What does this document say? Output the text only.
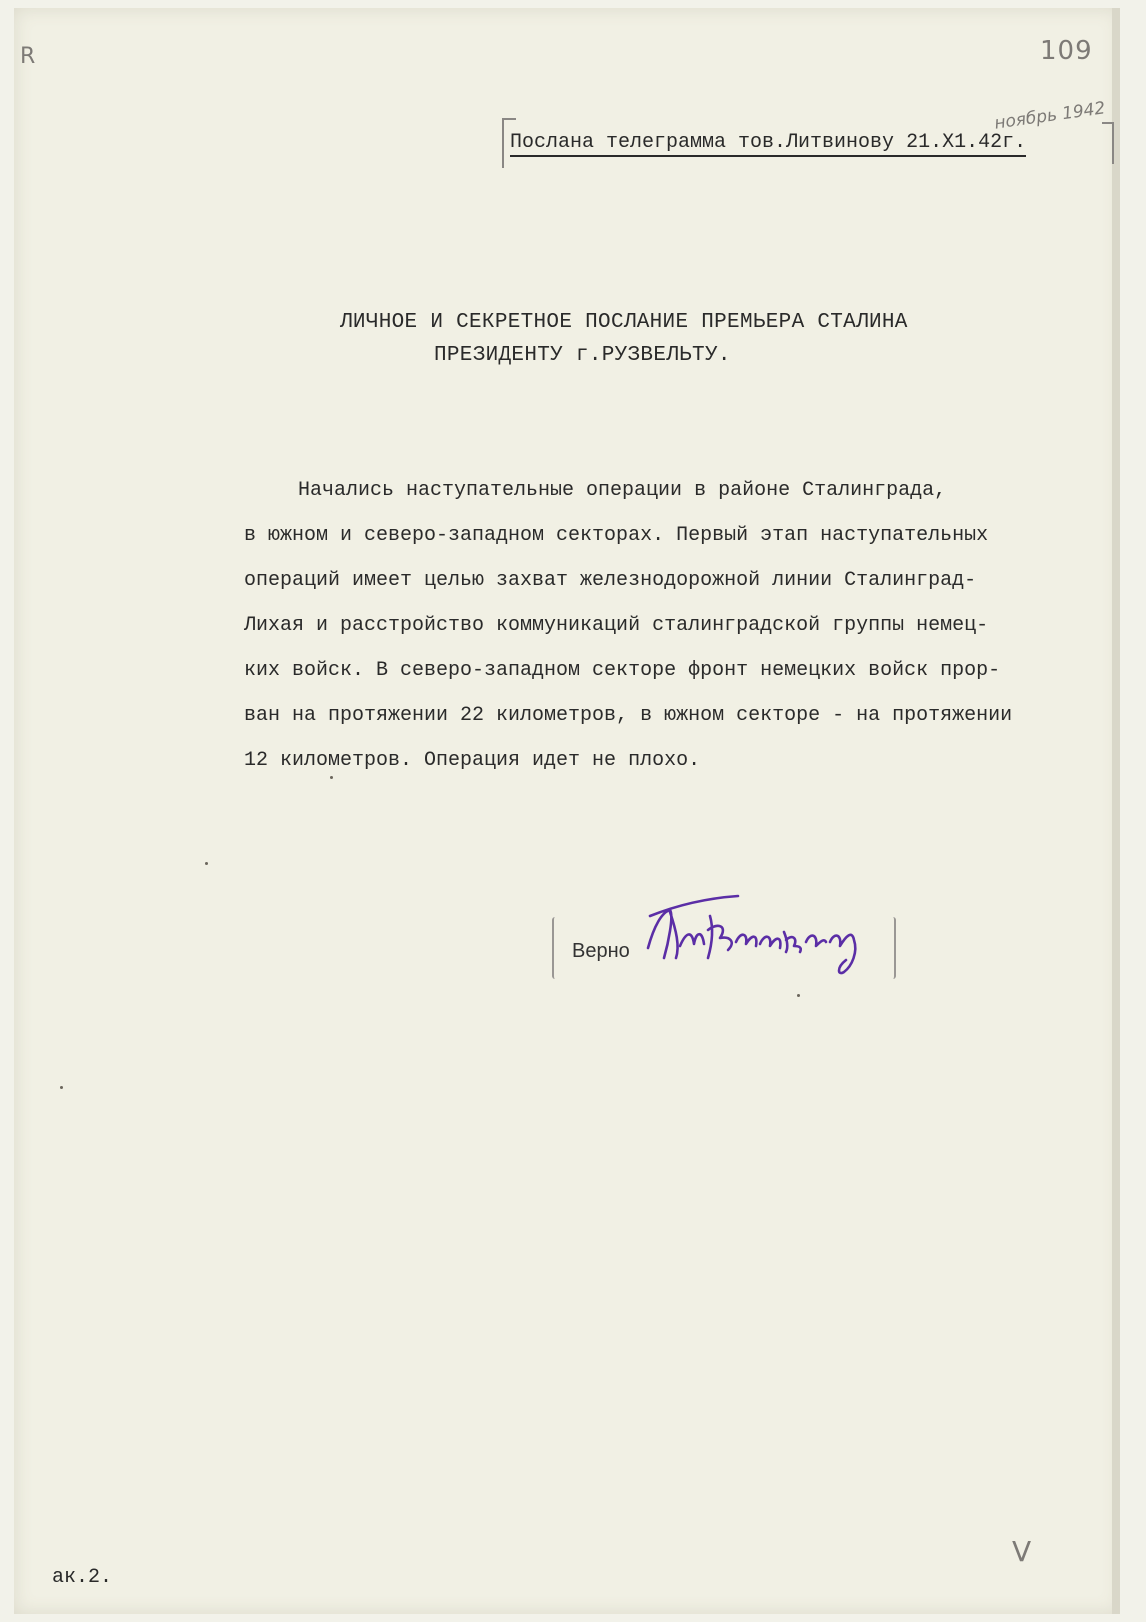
109
ноябрь 1942
R
V
Послана телеграмма тов.Литвинову 21.Х1.42г.
ЛИЧНОЕ И СЕКРЕТНОЕ ПОСЛАНИЕ ПРЕМЬЕРА СТАЛИНА
ПРЕЗИДЕНТУ г.РУЗВЕЛЬТУ.
Начались наступательные операции в районе Сталинграда,
в южном и северо-западном секторах. Первый этап наступательных
операций имеет целью захват железнодорожной линии Сталинград-
Лихая и расстройство коммуникаций сталинградской группы немец-
ких войск. В северо-западном секторе фронт немецких войск прор-
ван на протяжении 22 километров, в южном секторе - на протяжении
12 километров. Операция идет не плохо.
Верно
ак.2.
